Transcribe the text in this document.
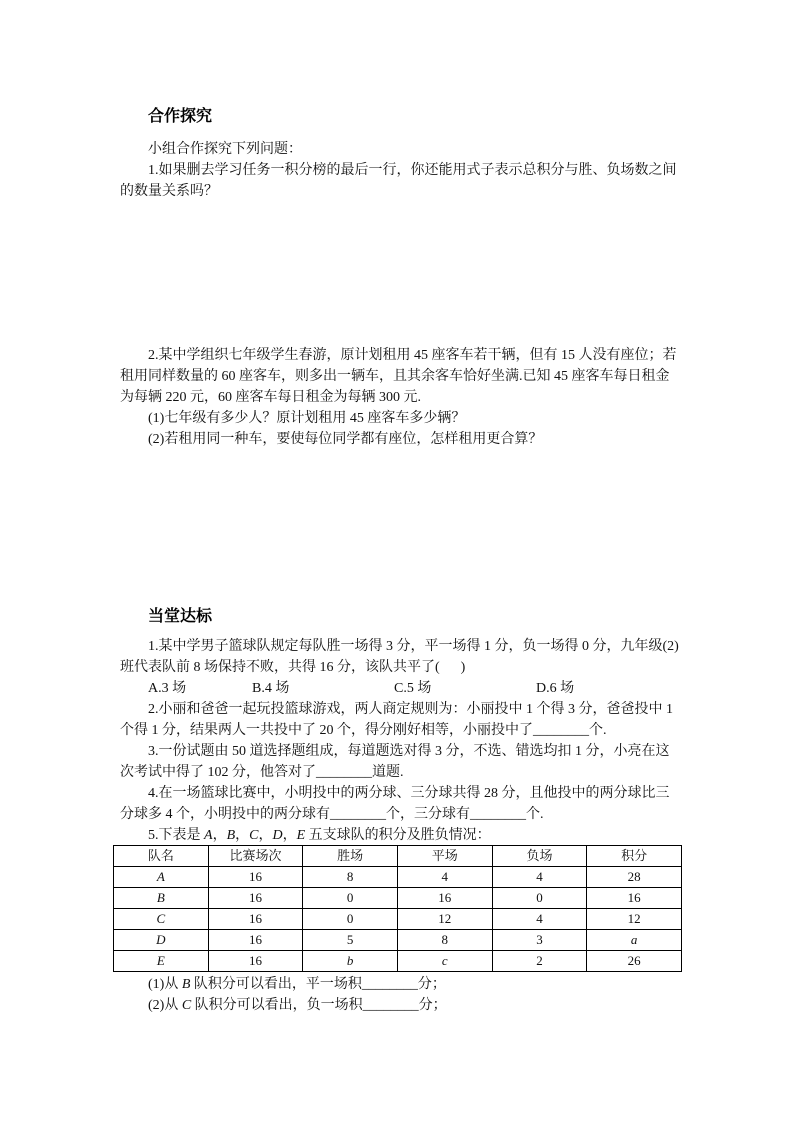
合作探究
小组合作探究下列问题：
1.如果删去学习任务一积分榜的最后一行，你还能用式子表示总积分与胜、负场数之间
的数量关系吗？
2.某中学组织七年级学生春游，原计划租用 45 座客车若干辆，但有 15 人没有座位；若
租用同样数量的 60 座客车，则多出一辆车，且其余客车恰好坐满.已知 45 座客车每日租金
为每辆 220 元，60 座客车每日租金为每辆 300 元.
(1)七年级有多少人？原计划租用 45 座客车多少辆？
(2)若租用同一种车，要使每位同学都有座位，怎样租用更合算？
当堂达标
1.某中学男子篮球队规定每队胜一场得 3 分，平一场得 1 分，负一场得 0 分，九年级(2)
班代表队前 8 场保持不败，共得 16 分，该队共平了(      )
A.3 场	B.4 场	C.5 场	D.6 场
2.小丽和爸爸一起玩投篮球游戏，两人商定规则为：小丽投中 1 个得 3 分，爸爸投中 1
个得 1 分，结果两人一共投中了 20 个，得分刚好相等，小丽投中了________个.
3.一份试题由 50 道选择题组成，每道题选对得 3 分，不选、错选均扣 1 分，小亮在这
次考试中得了 102 分，他答对了________道题.
4.在一场篮球比赛中，小明投中的两分球、三分球共得 28 分，且他投中的两分球比三
分球多 4 个，小明投中的两分球有________个，三分球有________个.
5.下表是 A，B，C，D，E 五支球队的积分及胜负情况：
队名	比赛场次	胜场	平场	负场	积分
A	16	8	4	4	28
B	16	0	16	0	16
C	16	0	12	4	12
D	16	5	8	3	a
E	16	b	c	2	26
(1)从 B 队积分可以看出，平一场积________分；
(2)从 C 队积分可以看出，负一场积________分；
